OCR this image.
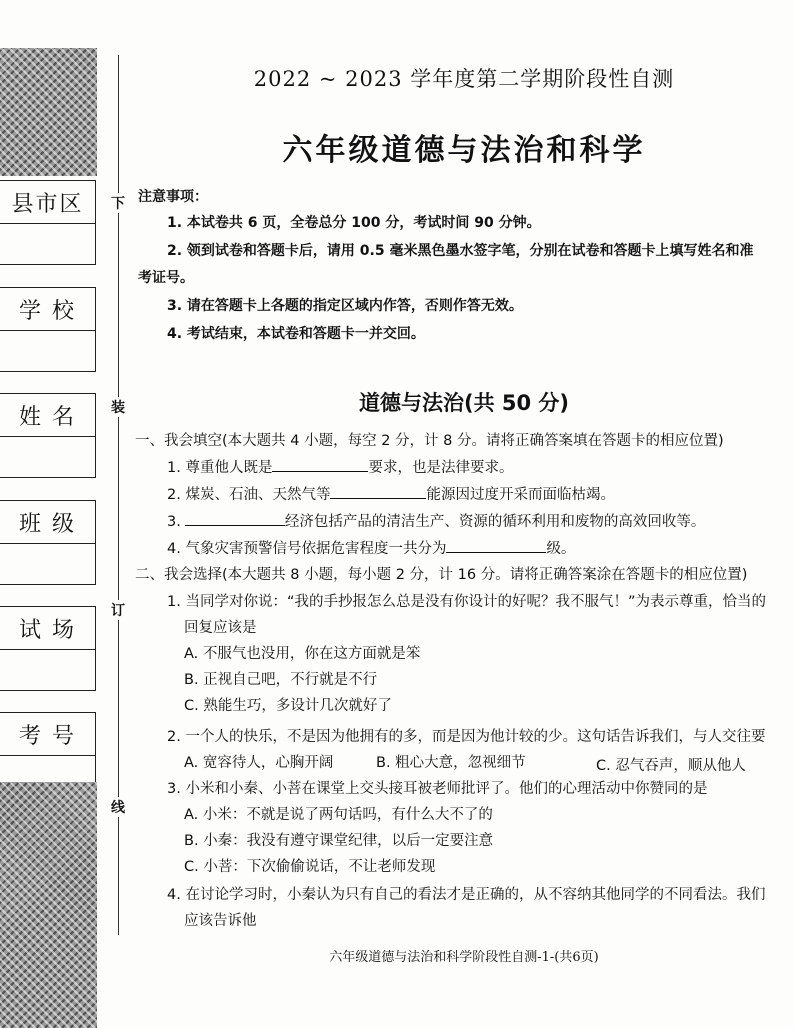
县市区
学 校
姓 名
班 级
试 场
考 号
下
装
订
线
2022 ~ 2023 学年度第二学期阶段性自测
六年级道德与法治和科学
注意事项：
1. 本试卷共 6 页，全卷总分 100 分，考试时间 90 分钟。
2. 领到试卷和答题卡后，请用 0.5 毫米黑色墨水签字笔，分别在试卷和答题卡上填写姓名和准
考证号。
3. 请在答题卡上各题的指定区域内作答，否则作答无效。
4. 考试结束，本试卷和答题卡一并交回。
道德与法治(共 50 分)
一、我会填空(本大题共 4 小题，每空 2 分，计 8 分。请将正确答案填在答题卡的相应位置)
1. 尊重他人既是	要求，也是法律要求。
2. 煤炭、石油、天然气等	能源因过度开采而面临枯竭。
3.	经济包括产品的清洁生产、资源的循环利用和废物的高效回收等。
4. 气象灾害预警信号依据危害程度一共分为	级。
二、我会选择(本大题共 8 小题，每小题 2 分，计 16 分。请将正确答案涂在答题卡的相应位置)
1. 当同学对你说：“我的手抄报怎么总是没有你设计的好呢？我不服气！”为表示尊重，恰当的
回复应该是
A. 不服气也没用，你在这方面就是笨
B. 正视自己吧，不行就是不行
C. 熟能生巧，多设计几次就好了
2. 一个人的快乐，不是因为他拥有的多，而是因为他计较的少。这句话告诉我们，与人交往要
A. 宽容待人，心胸开阔	B. 粗心大意，忽视细节	C. 忍气吞声，顺从他人
3. 小米和小秦、小菩在课堂上交头接耳被老师批评了。他们的心理活动中你赞同的是
A. 小米：不就是说了两句话吗，有什么大不了的
B. 小秦：我没有遵守课堂纪律，以后一定要注意
C. 小菩：下次偷偷说话，不让老师发现
4. 在讨论学习时，小秦认为只有自己的看法才是正确的，从不容纳其他同学的不同看法。我们
应该告诉他
六年级道德与法治和科学阶段性自测-1-(共6页)
